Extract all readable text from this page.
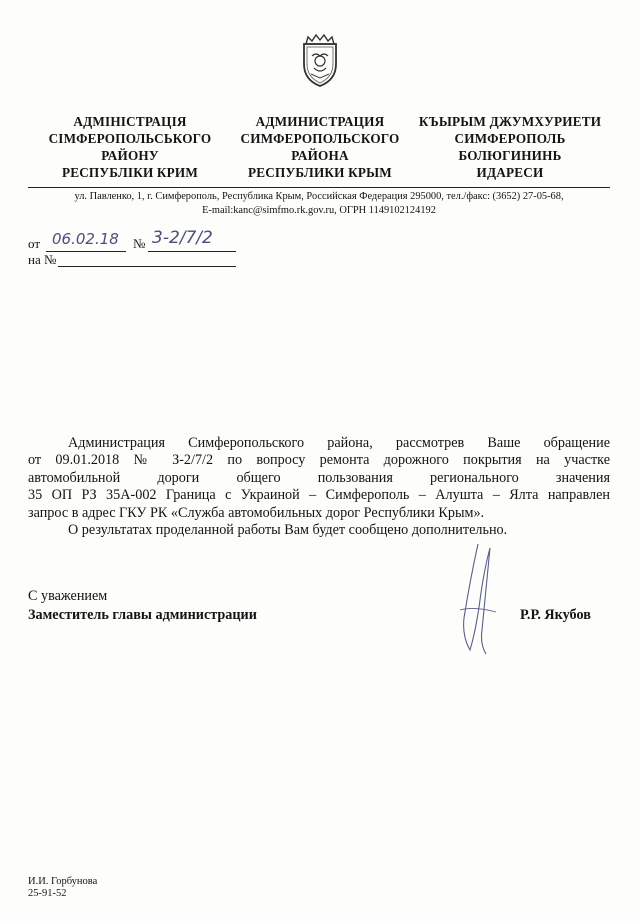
АДМІНІСТРАЦІЯ
СІМФЕРОПОЛЬСЬКОГО
РАЙОНУ
РЕСПУБЛІКИ КРИМ
АДМИНИСТРАЦИЯ
СИМФЕРОПОЛЬСКОГО
РАЙОНА
РЕСПУБЛИКИ КРЫМ
КЪЫРЫМ ДЖУМХУРИЕТИ
СИМФЕРОПОЛЬ
БОЛЮГИНИНЬ
ИДАРЕСИ
ул. Павленко, 1, г. Симферополь, Республика Крым, Российская Федерация 295000, тел./факс: (3652) 27-05-68,
E-mail:kanc@simfmo.rk.gov.ru, ОГРН 1149102124192
от 06.02.18 № 3-2/7/2
на №
Администрация Симферопольского района, рассмотрев Ваше обращение
от 09.01.2018 № З-2/7/2 по вопросу ремонта дорожного покрытия на участке
автомобильной дороги общего пользования регионального значения
35 ОП РЗ 35А-002 Граница с Украиной – Симферополь – Алушта – Ялта направлен
запрос в адрес ГКУ РК «Служба автомобильных дорог Республики Крым».
О результатах проделанной работы Вам будет сообщено дополнительно.
С уважением
Заместитель главы администрации	Р.Р. Якубов
И.И. Горбунова
25-91-52
